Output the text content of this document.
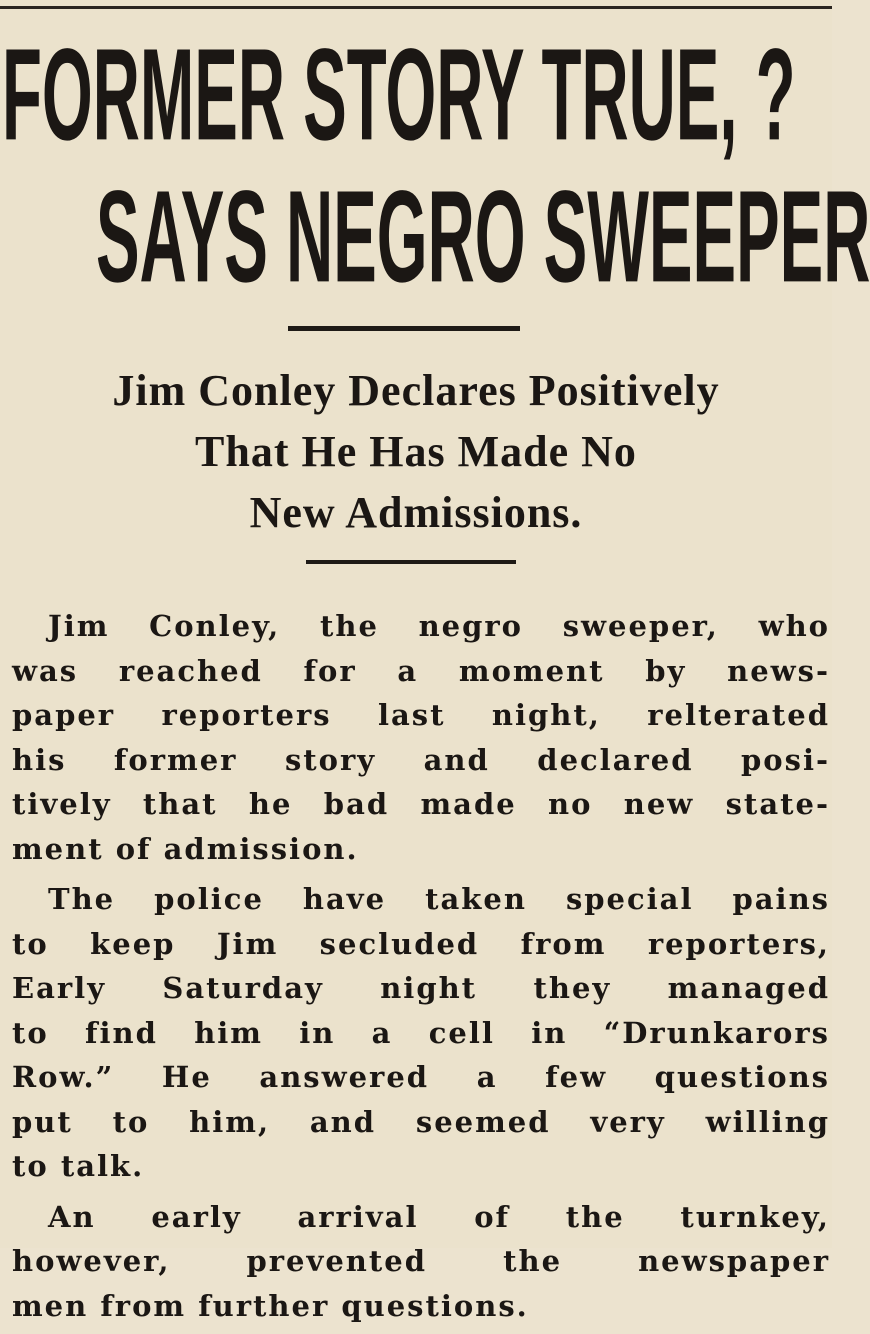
FORMER STORY TRUE, ?
SAYS NEGRO SWEEPER
Jim Conley Declares Positively
That He Has Made No
New Admissions.

Jim Conley, the negro sweeper, who
was reached for a moment by news-
paper reporters last night, relterated
his former story and declared posi-
tively that he bad made no new state-
ment of admission.

The police have taken special pains
to keep Jim secluded from reporters,
Early Saturday night they managed
to find him in a cell in “Drunkarors
Row.” He answered a few questions
put to him, and seemed very willing
to talk.

An early arrival of the turnkey,
however, prevented the newspaper
men from further questions.
